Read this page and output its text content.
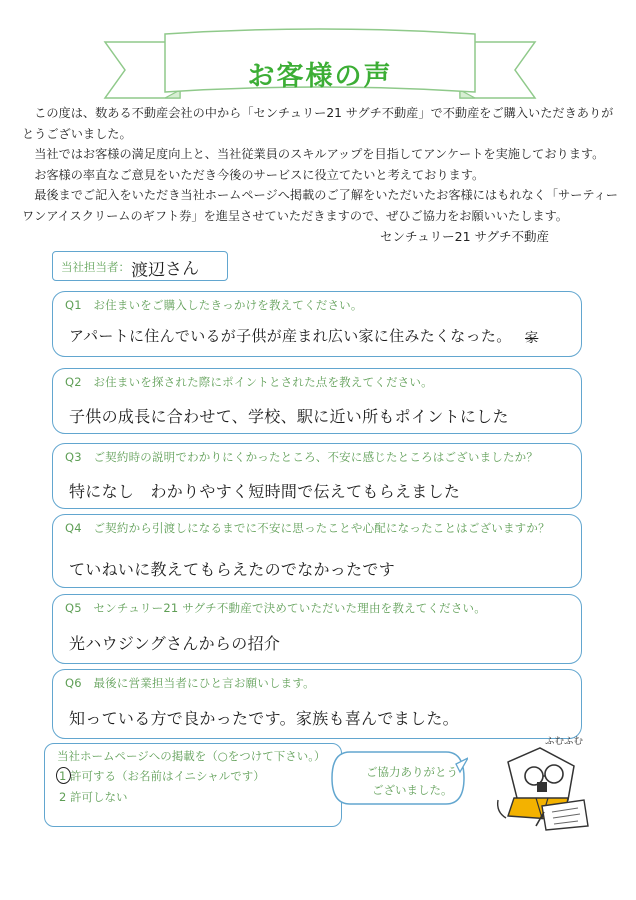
お客様の声

この度は、数ある不動産会社の中から「センチュリー21 サグチ不動産」で不動産をご購入いただきありがとうございました。

当社ではお客様の満足度向上と、当社従業員のスキルアップを目指してアンケートを実施しております。

お客様の率直なご意見をいただき今後のサービスに役立てたいと考えております。

最後までご記入をいただき当社ホームページへ掲載のご了解をいただいたお客様にはもれなく「サーティーワンアイスクリームのギフト券」を進呈させていただきますので、ぜひご協力をお願いいたします。

センチュリー21 サグチ不動産
当社担当者： 渡辺さん
Q1　お住まいをご購入したきっかけを教えてください。
アパートに住んでいるが子供が産まれ広い家に住みたくなった。 家
Q2　お住まいを探された際にポイントとされた点を教えてください。
子供の成長に合わせて、学校、駅に近い所もポイントにした
Q3　ご契約時の説明でわかりにくかったところ、不安に感じたところはございましたか？
特になし　わかりやすく短時間で伝えてもらえました
Q4　ご契約から引渡しになるまでに不安に思ったことや心配になったことはございますか？
ていねいに教えてもらえたのでなかったです
Q5　センチュリー21 サグチ不動産で決めていただいた理由を教えてください。
光ハウジングさんからの招介
Q6　最後に営業担当者にひと言お願いします。
知っている方で良かったです。家族も喜んでました。
当社ホームページへの掲載を（○をつけて下さい。）
1 許可する（お名前はイニシャルです）
2 許可しない
ご協力ありがとう
ございました。
ふむふむ
